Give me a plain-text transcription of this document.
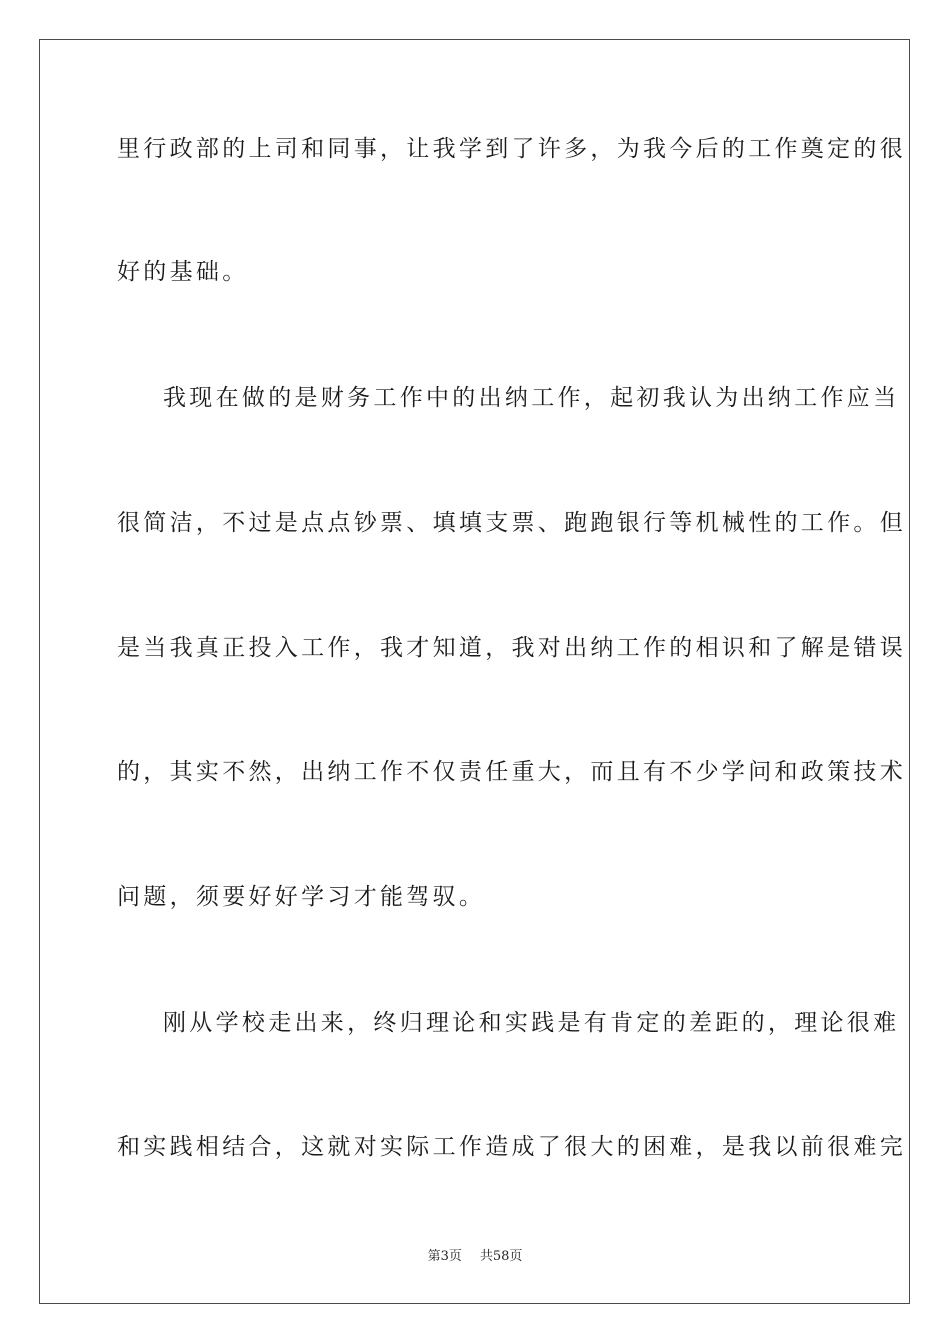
里行政部的上司和同事，让我学到了许多，为我今后的工作奠定的很
好的基础。
我现在做的是财务工作中的出纳工作，起初我认为出纳工作应当
很简洁，不过是点点钞票、填填支票、跑跑银行等机械性的工作。但
是当我真正投入工作，我才知道，我对出纳工作的相识和了解是错误
的，其实不然，出纳工作不仅责任重大，而且有不少学问和政策技术
问题，须要好好学习才能驾驭。
刚从学校走出来，终归理论和实践是有肯定的差距的，理论很难
和实践相结合，这就对实际工作造成了很大的困难，是我以前很难完
第3页 共58页
